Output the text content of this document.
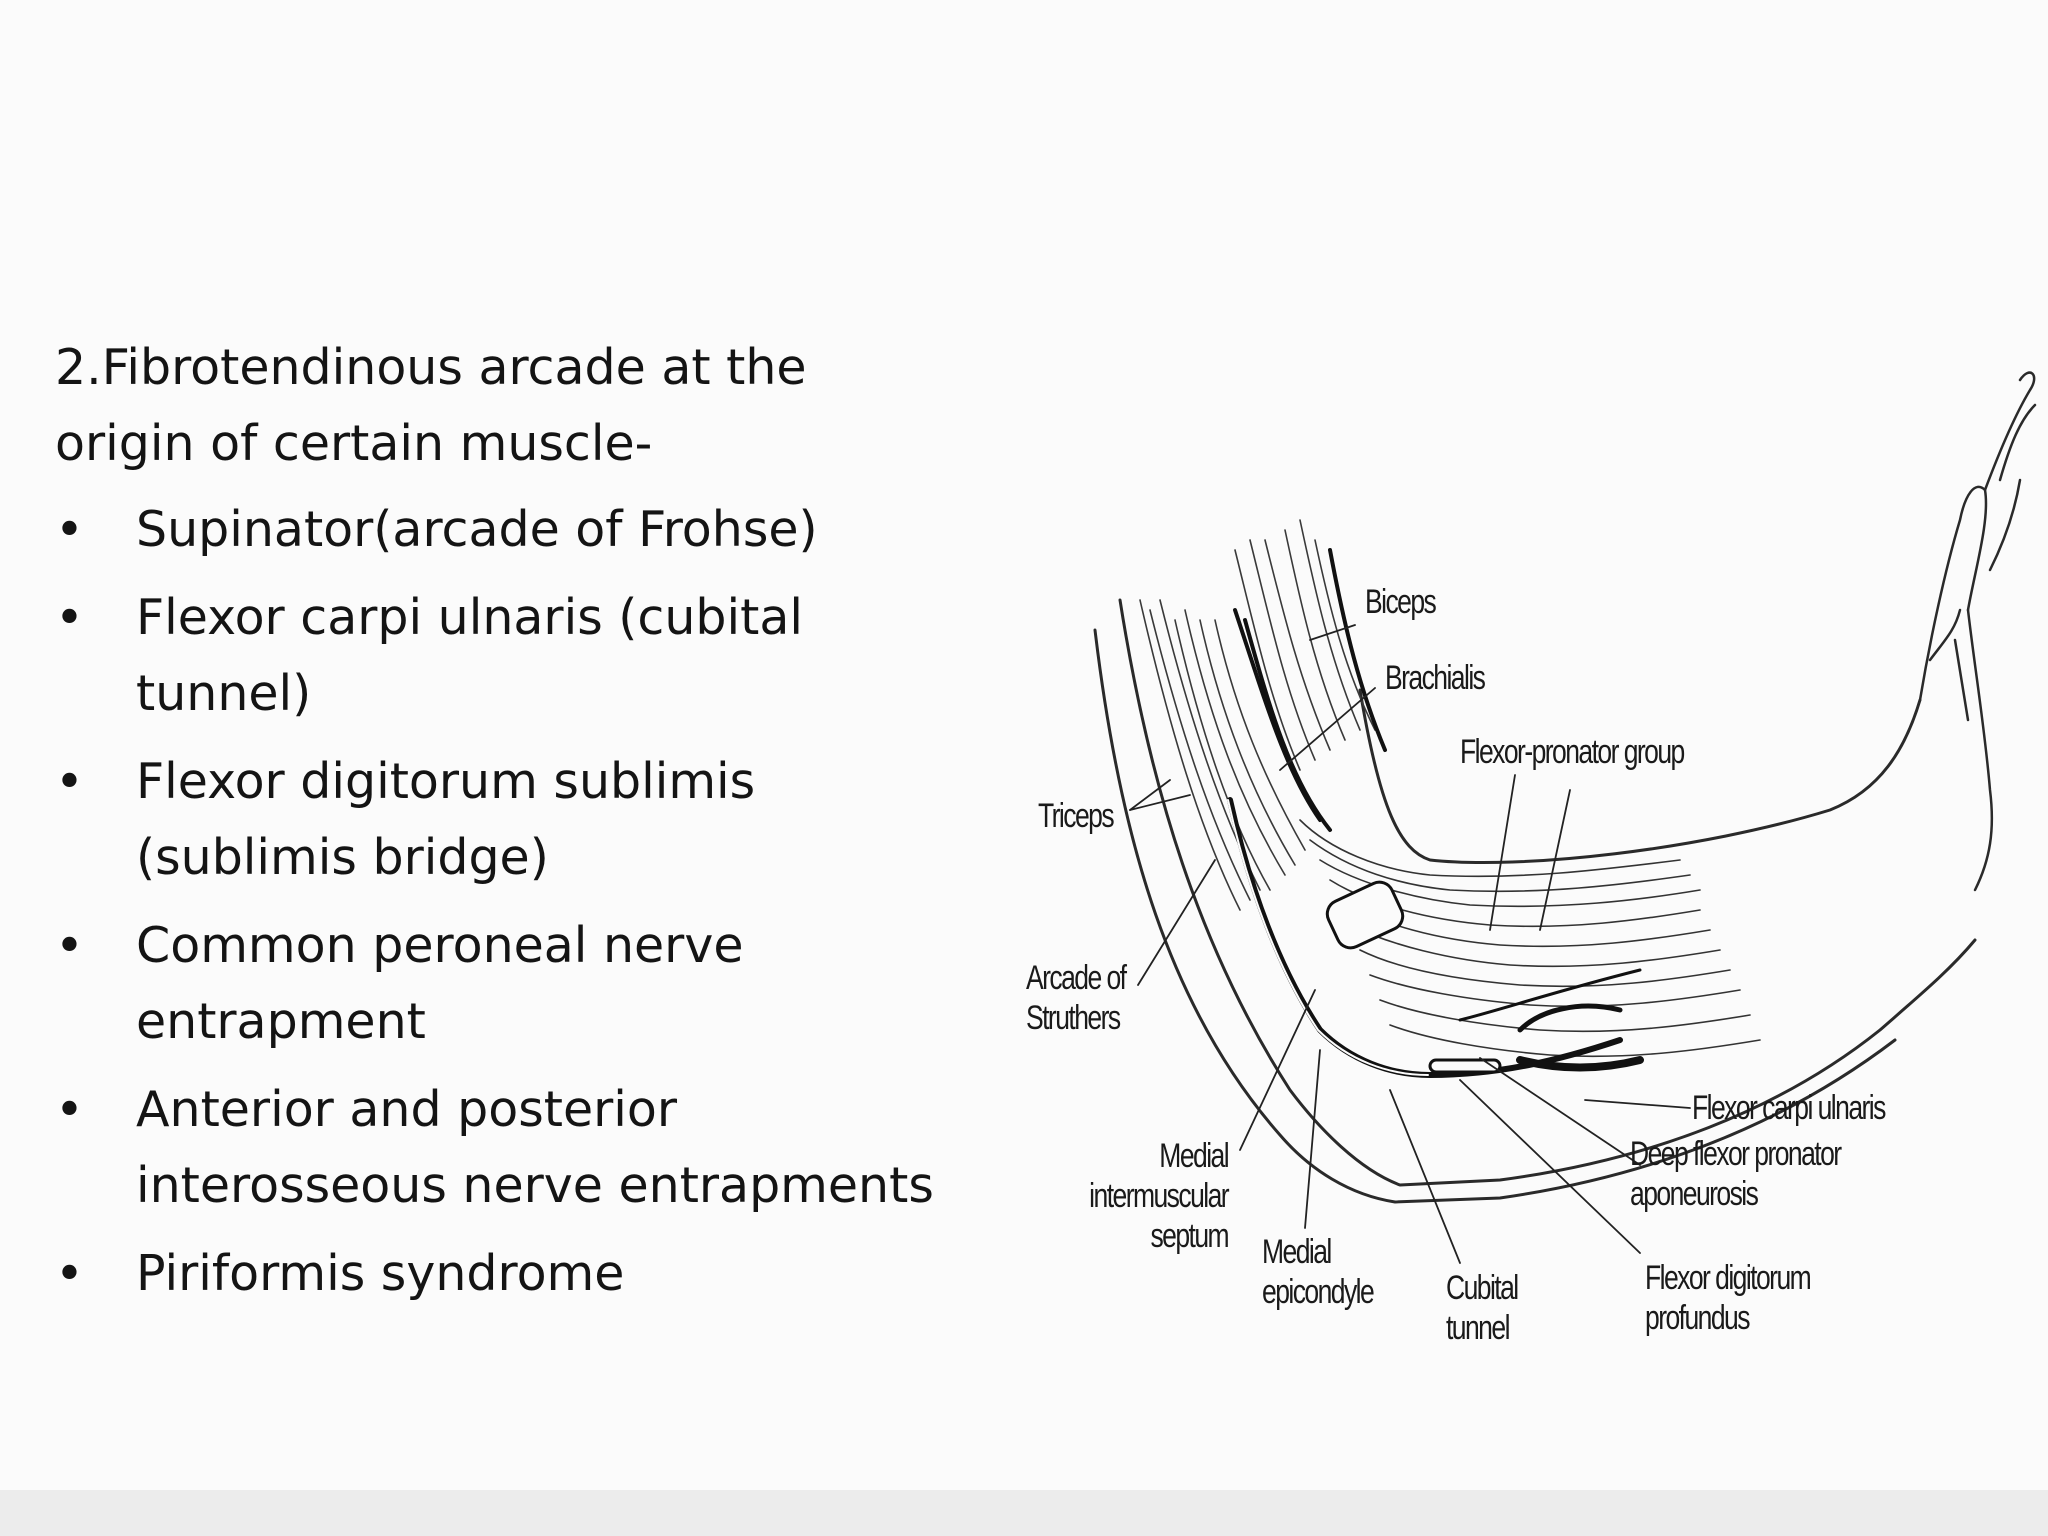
2.Fibrotendinous arcade at the
origin of certain muscle-
• Supinator(arcade of Frohse)
• Flexor carpi ulnaris (cubital
tunnel)
• Flexor digitorum sublimis
(sublimis bridge)
• Common peroneal nerve
entrapment
• Anterior and posterior
interosseous nerve entrapments
• Piriformis syndrome
Biceps
Brachialis
Flexor-pronator group
Triceps
Arcade of
Struthers
Flexor carpi ulnaris
Deep flexor pronator
aponeurosis
Medial
intermuscular
septum Medial
epicondyle Cubital
tunnel
Flexor digitorum
profundus
